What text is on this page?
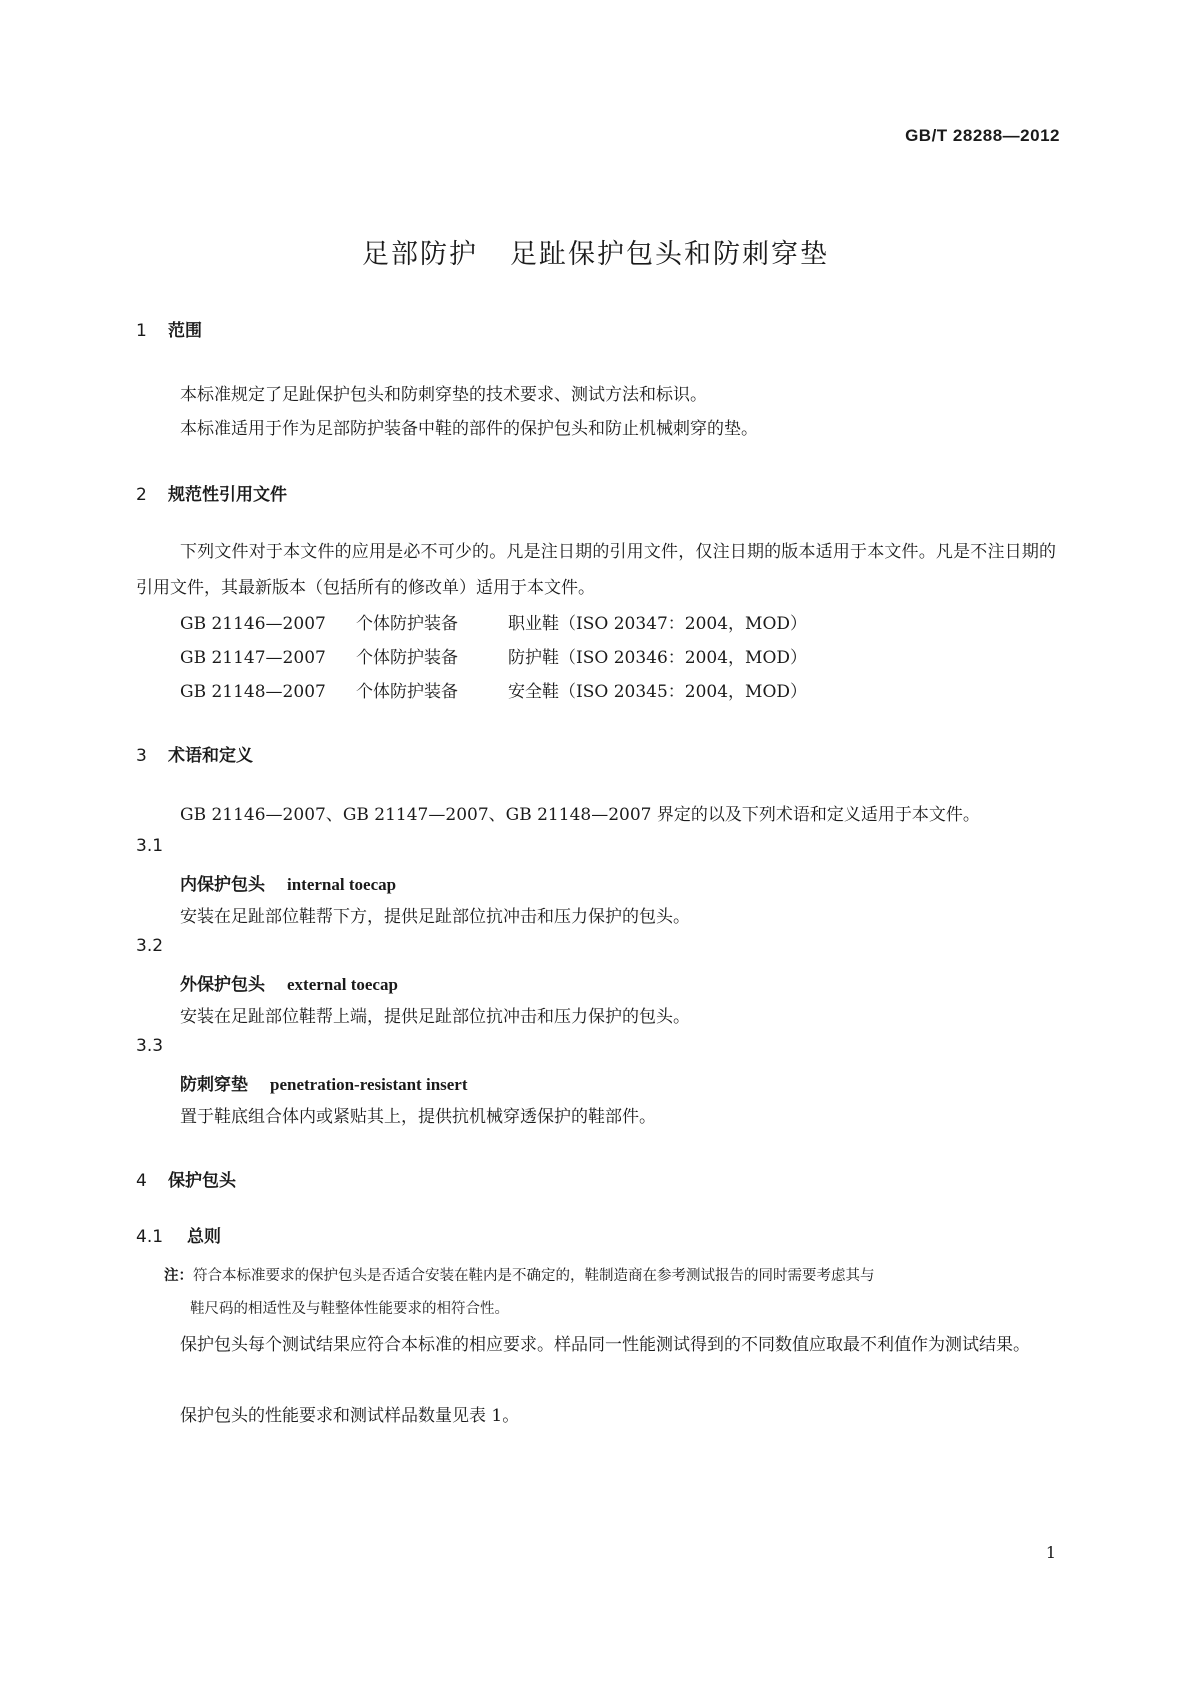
GB/T 28288—2012
足部防护 足趾保护包头和防刺穿垫
1 范围
本标准规定了足趾保护包头和防刺穿垫的技术要求、测试方法和标识。
本标准适用于作为足部防护装备中鞋的部件的保护包头和防止机械刺穿的垫。
2 规范性引用文件
下列文件对于本文件的应用是必不可少的。凡是注日期的引用文件，仅注日期的版本适用于本文件。凡是不注日期的引用文件，其最新版本（包括所有的修改单）适用于本文件。
GB 21146—2007 个体防护装备	职业鞋（ISO 20347：2004，MOD）
GB 21147—2007 个体防护装备	防护鞋（ISO 20346：2004，MOD）
GB 21148—2007 个体防护装备	安全鞋（ISO 20345：2004，MOD）
3 术语和定义
GB 21146—2007、GB 21147—2007、GB 21148—2007 界定的以及下列术语和定义适用于本文件。
3.1
内保护包头 internal toecap
安装在足趾部位鞋帮下方，提供足趾部位抗冲击和压力保护的包头。
3.2
外保护包头 external toecap
安装在足趾部位鞋帮上端，提供足趾部位抗冲击和压力保护的包头。
3.3
防刺穿垫 penetration-resistant insert
置于鞋底组合体内或紧贴其上，提供抗机械穿透保护的鞋部件。
4 保护包头
4.1 总则
注：符合本标准要求的保护包头是否适合安装在鞋内是不确定的，鞋制造商在参考测试报告的同时需要考虑其与
鞋尺码的相适性及与鞋整体性能要求的相符合性。
保护包头每个测试结果应符合本标准的相应要求。样品同一性能测试得到的不同数值应取最不利值作为测试结果。
保护包头的性能要求和测试样品数量见表 1。
1
